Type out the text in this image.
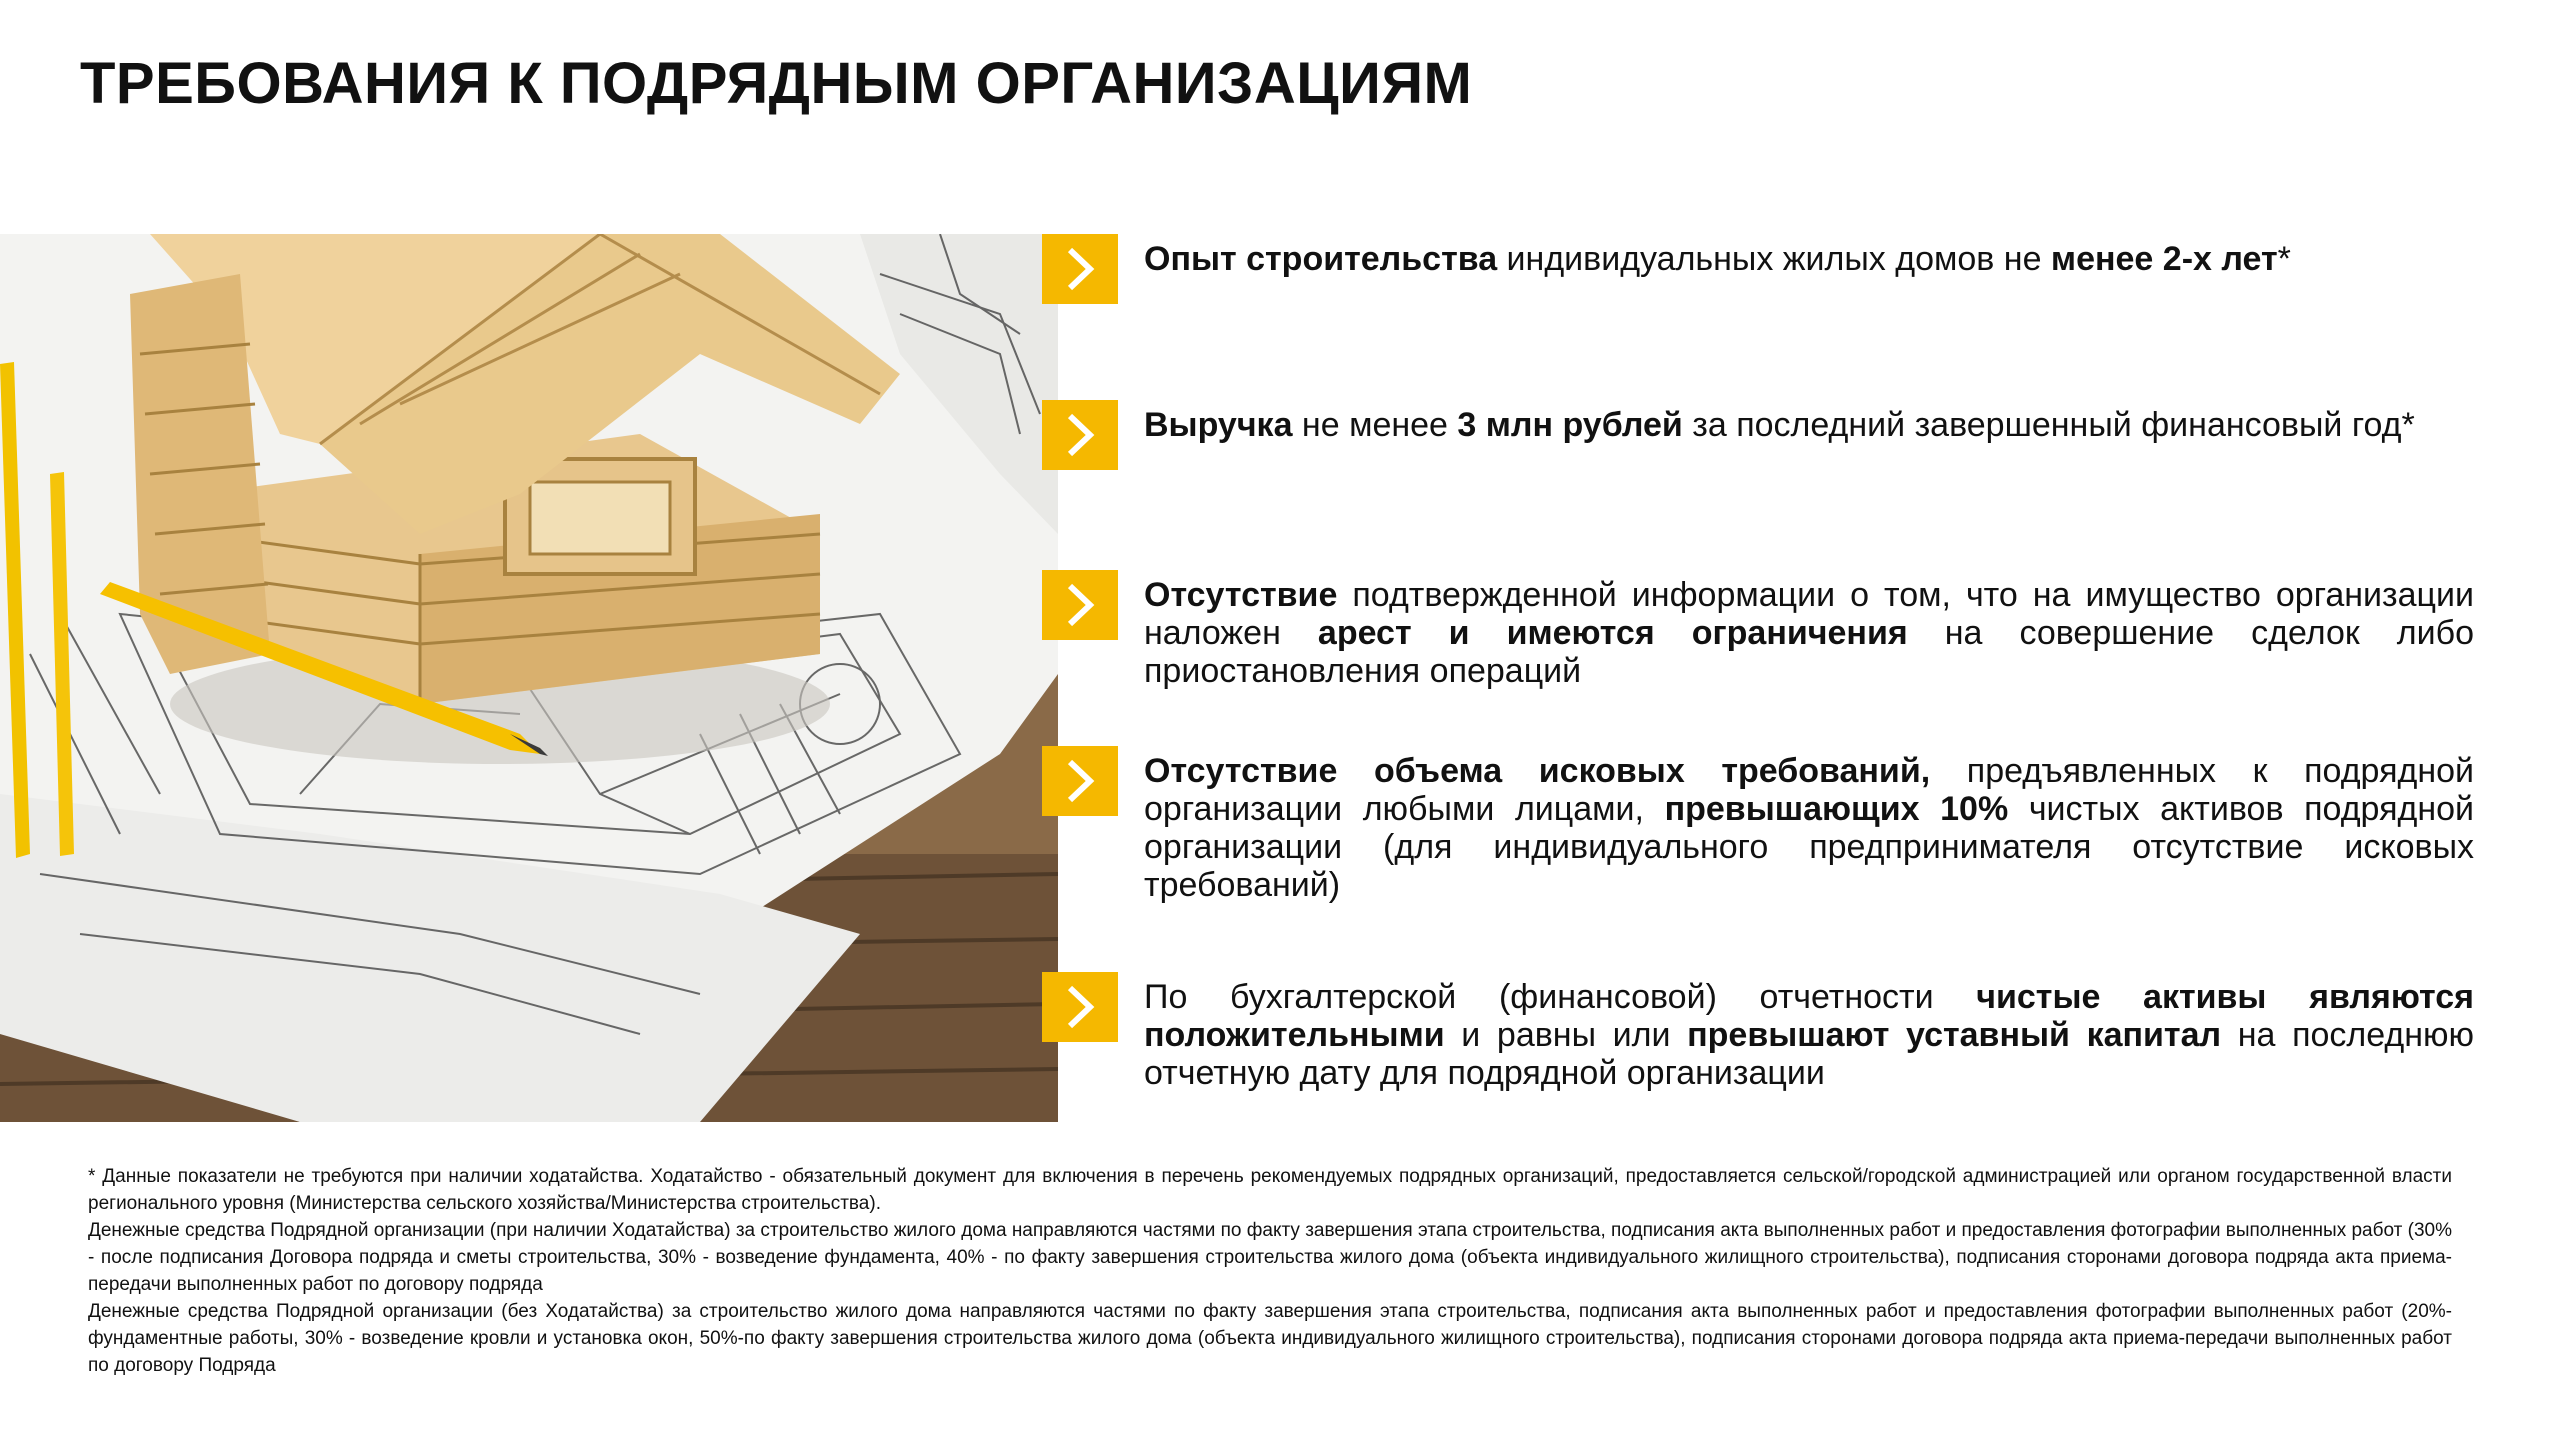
ТРЕБОВАНИЯ К ПОДРЯДНЫМ ОРГАНИЗАЦИЯМ
Опыт строительства индивидуальных жилых домов не менее 2-х лет*
Выручка не менее 3 млн рублей за последний завершенный финансовый год*
Отсутствие подтвержденной информации о том, что на имущество организации наложен арест и имеются ограничения на совершение сделок либо приостановления операций
Отсутствие объема исковых требований, предъявленных к подрядной организации любыми лицами, превышающих 10% чистых активов подрядной организации (для индивидуального предпринимателя отсутствие исковых требований)
По бухгалтерской (финансовой) отчетности чистые активы являются положительными и равны или превышают уставный капитал на последнюю отчетную дату для подрядной организации

* Данные показатели не требуются при наличии ходатайства. Ходатайство - обязательный документ для включения в перечень рекомендуемых подрядных организаций, предоставляется сельской/городской администрацией или органом государственной власти регионального уровня (Министерства сельского хозяйства/Министерства строительства).

Денежные средства Подрядной организации (при наличии Ходатайства) за строительство жилого дома направляются частями по факту завершения этапа строительства, подписания акта выполненных работ и предоставления фотографии выполненных работ (30% - после подписания Договора подряда и сметы строительства, 30% - возведение фундамента, 40% - по факту завершения строительства жилого дома (объекта индивидуального жилищного строительства), подписания сторонами договора подряда акта приема-передачи выполненных работ по договору подряда

Денежные средства Подрядной организации (без Ходатайства) за строительство жилого дома направляются частями по факту завершения этапа строительства, подписания акта выполненных работ и предоставления фотографии выполненных работ (20%-фундаментные работы, 30% - возведение кровли и установка окон, 50%-по факту завершения строительства жилого дома (объекта индивидуального жилищного строительства), подписания сторонами договора подряда акта приема-передачи выполненных работ по договору Подряда
